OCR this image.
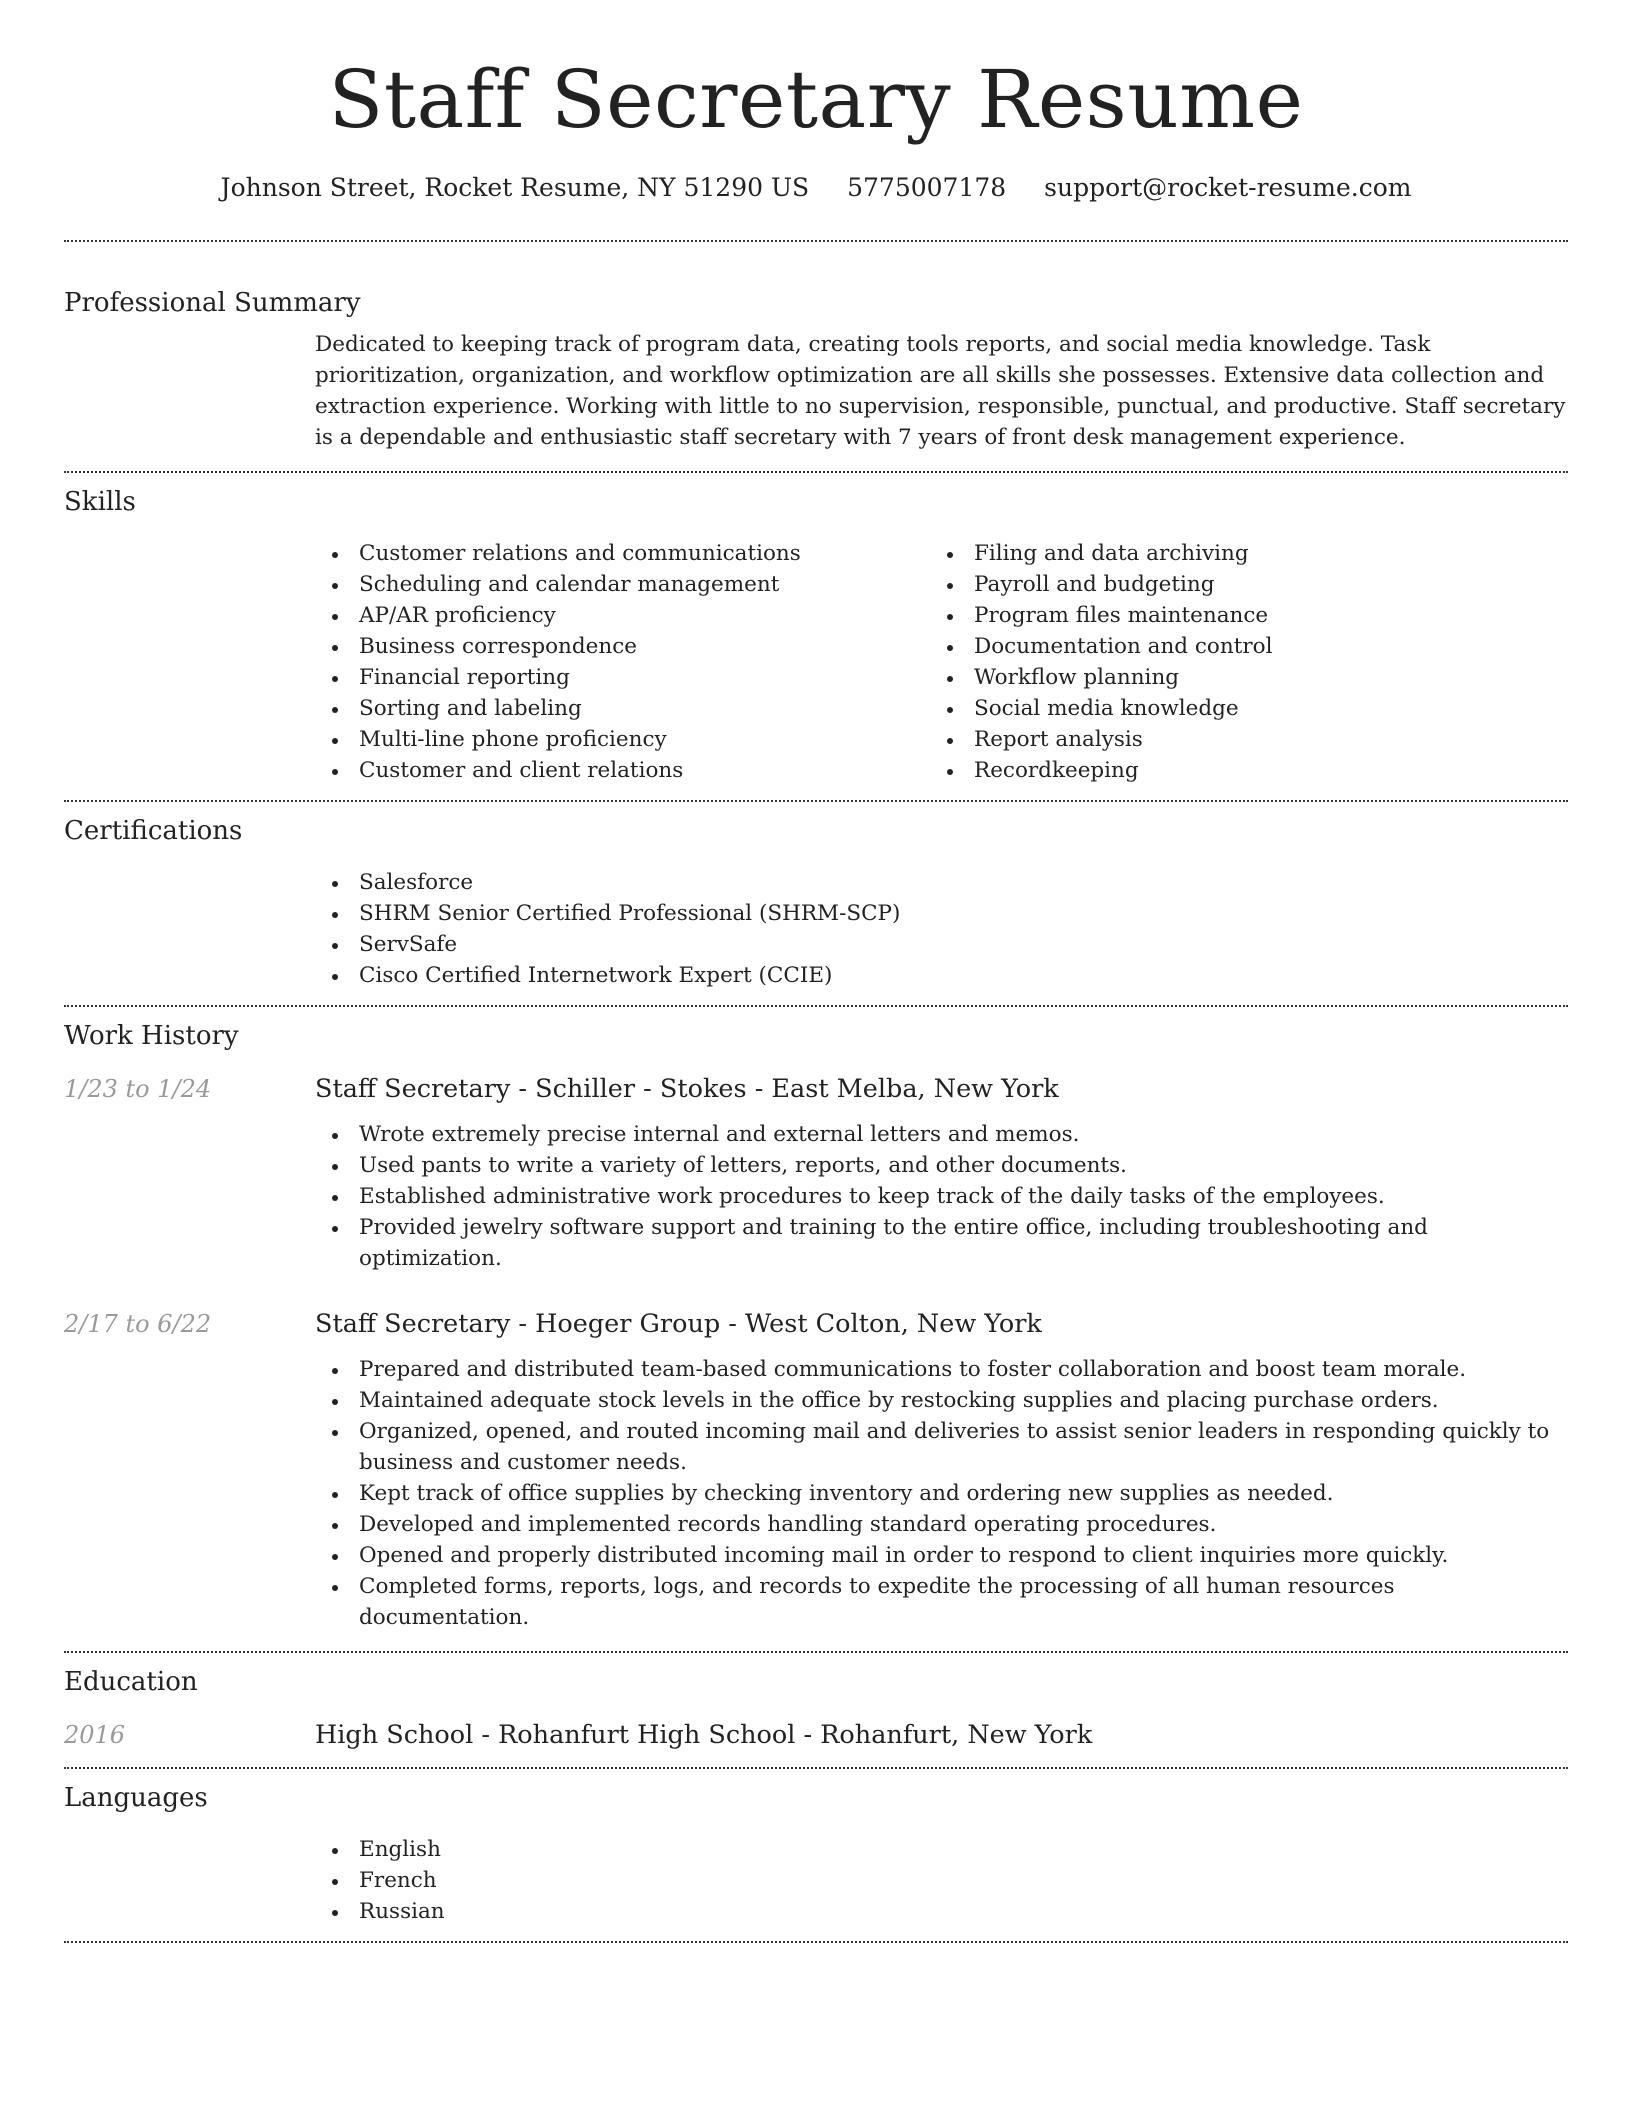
Staff Secretary Resume
Johnson Street, Rocket Resume, NY 51290 US 5775007178 support@rocket-resume.com
Professional Summary

Dedicated to keeping track of program data, creating tools reports, and social media knowledge. Task prioritization, organization, and workflow optimization are all skills she possesses. Extensive data collection and extraction experience. Working with little to no supervision, responsible, punctual, and productive. Staff secretary is a dependable and enthusiastic staff secretary with 7 years of front desk management experience.

Skills
Customer relations and communications
Scheduling and calendar management
AP/AR proficiency
Business correspondence
Financial reporting
Sorting and labeling
Multi-line phone proficiency
Customer and client relations
Filing and data archiving
Payroll and budgeting
Program files maintenance
Documentation and control
Workflow planning
Social media knowledge
Report analysis
Recordkeeping
Certifications
Salesforce
SHRM Senior Certified Professional (SHRM-SCP)
ServSafe
Cisco Certified Internetwork Expert (CCIE)
Work History
1/23 to 1/24	Staff Secretary - Schiller - Stokes - East Melba, New York
Wrote extremely precise internal and external letters and memos.
Used pants to write a variety of letters, reports, and other documents.
Established administrative work procedures to keep track of the daily tasks of the employees.
Provided jewelry software support and training to the entire office, including troubleshooting and optimization.
2/17 to 6/22	Staff Secretary - Hoeger Group - West Colton, New York
Prepared and distributed team-based communications to foster collaboration and boost team morale.
Maintained adequate stock levels in the office by restocking supplies and placing purchase orders.
Organized, opened, and routed incoming mail and deliveries to assist senior leaders in responding quickly to business and customer needs.
Kept track of office supplies by checking inventory and ordering new supplies as needed.
Developed and implemented records handling standard operating procedures.
Opened and properly distributed incoming mail in order to respond to client inquiries more quickly.
Completed forms, reports, logs, and records to expedite the processing of all human resources documentation.
Education
2016	High School - Rohanfurt High School - Rohanfurt, New York
Languages
English
French
Russian
